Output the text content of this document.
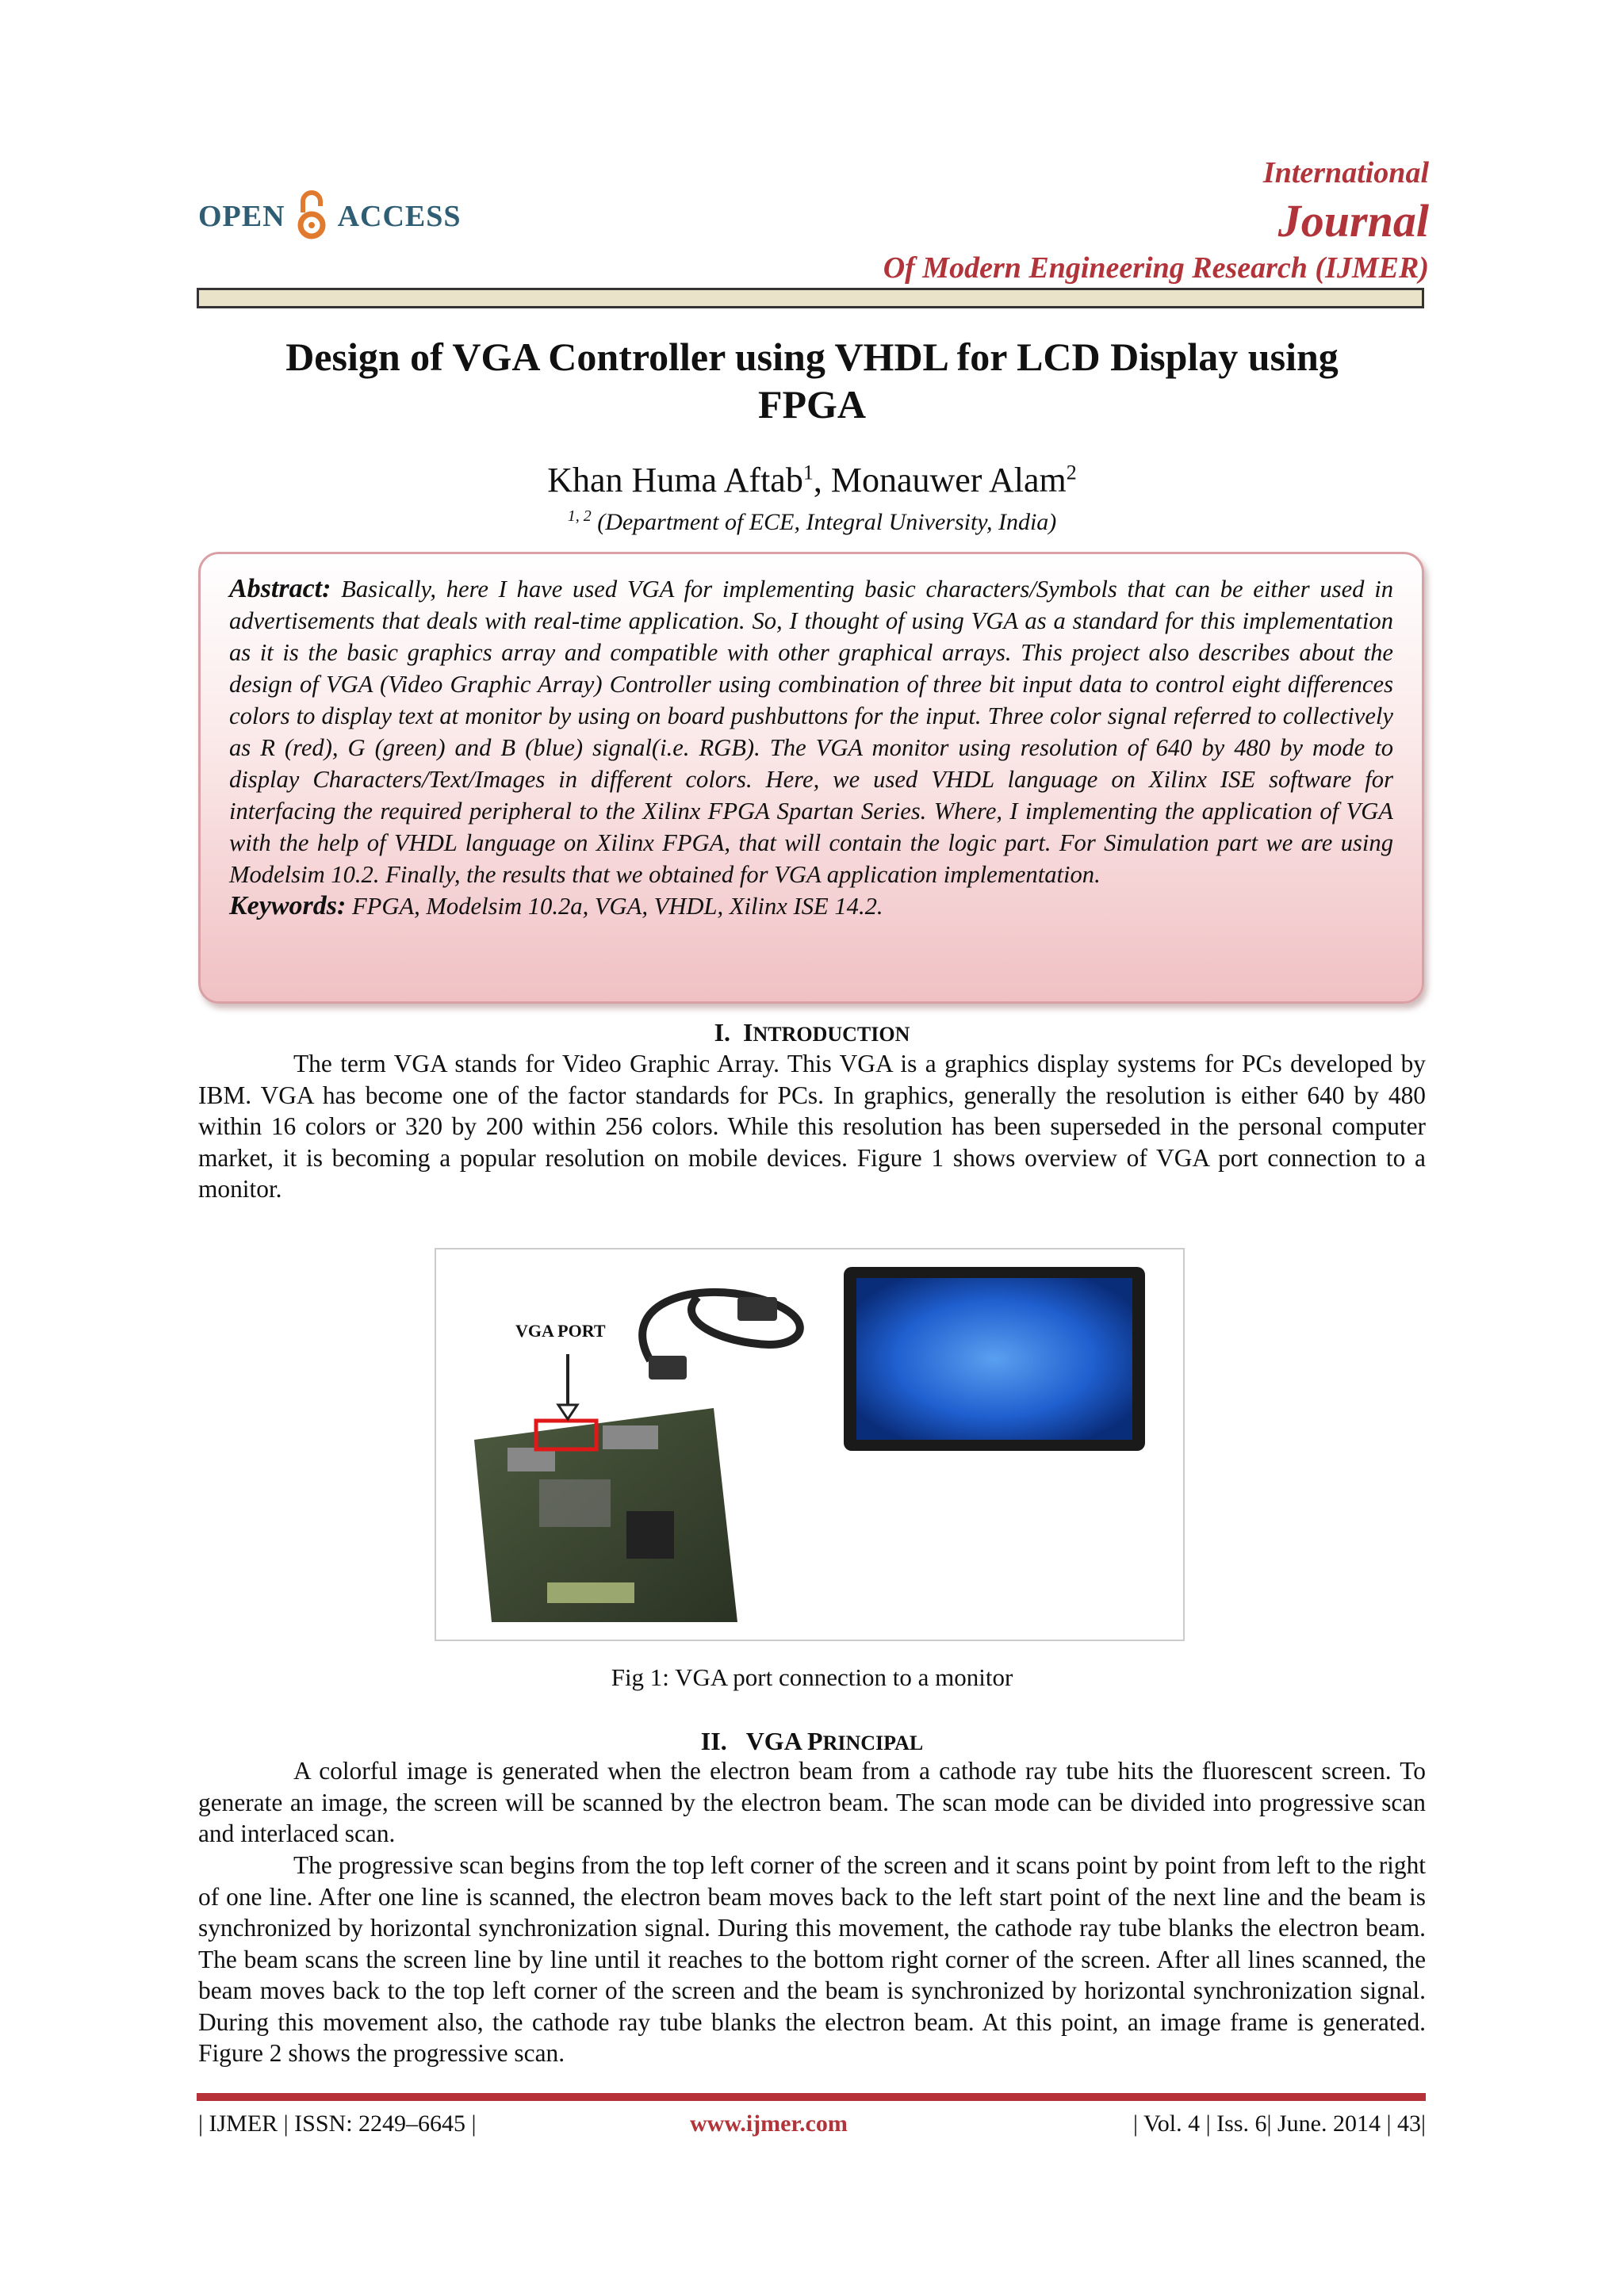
OPEN ACCESS
International
Journal
Of Modern Engineering Research (IJMER)
Design of VGA Controller using VHDL for LCD Display using
FPGA
Khan Huma Aftab$^1$, Monauwer Alam$^2$
$^{1, 2}$ (Department of ECE, Integral University, India)

Abstract: Basically, here I have used VGA for implementing basic characters/Symbols that can be either used in advertisements that deals with real-time application. So, I thought of using VGA as a standard for this implementation as it is the basic graphics array and compatible with other graphical arrays. This project also describes about the design of VGA (Video Graphic Array) Controller using combination of three bit input data to control eight differences colors to display text at monitor by using on board pushbuttons for the input. Three color signal referred to collectively as R (red), G (green) and B (blue) signal(i.e. RGB). The VGA monitor using resolution of 640 by 480 by mode to display Characters/Text/Images in different colors. Here, we used VHDL language on Xilinx ISE software for interfacing the required peripheral to the Xilinx FPGA Spartan Series. Where, I implementing the application of VGA with the help of VHDL language on Xilinx FPGA, that will contain the logic part. For Simulation part we are using Modelsim 10.2. Finally, the results that we obtained for VGA application implementation.

Keywords: FPGA, Modelsim 10.2a, VGA, VHDL, Xilinx ISE 14.2.

I. INTRODUCTION

The term VGA stands for Video Graphic Array. This VGA is a graphics display systems for PCs developed by IBM. VGA has become one of the factor standards for PCs. In graphics, generally the resolution is either 640 by 480 within 16 colors or 320 by 200 within 256 colors. While this resolution has been superseded in the personal computer market, it is becoming a popular resolution on mobile devices. Figure 1 shows overview of VGA port connection to a monitor.

VGA PORT
Fig 1: VGA port connection to a monitor
II. VGA PRINCIPAL

A colorful image is generated when the electron beam from a cathode ray tube hits the fluorescent screen. To generate an image, the screen will be scanned by the electron beam. The scan mode can be divided into progressive scan and interlaced scan.

The progressive scan begins from the top left corner of the screen and it scans point by point from left to the right of one line. After one line is scanned, the electron beam moves back to the left start point of the next line and the beam is synchronized by horizontal synchronization signal. During this movement, the cathode ray tube blanks the electron beam. The beam scans the screen line by line until it reaches to the bottom right corner of the screen. After all lines scanned, the beam moves back to the top left corner of the screen and the beam is synchronized by horizontal synchronization signal. During this movement also, the cathode ray tube blanks the electron beam. At this point, an image frame is generated. Figure 2 shows the progressive scan.

| IJMER | ISSN: 2249–6645 |	www.ijmer.com	| Vol. 4 | Iss. 6| June. 2014 | 43|
